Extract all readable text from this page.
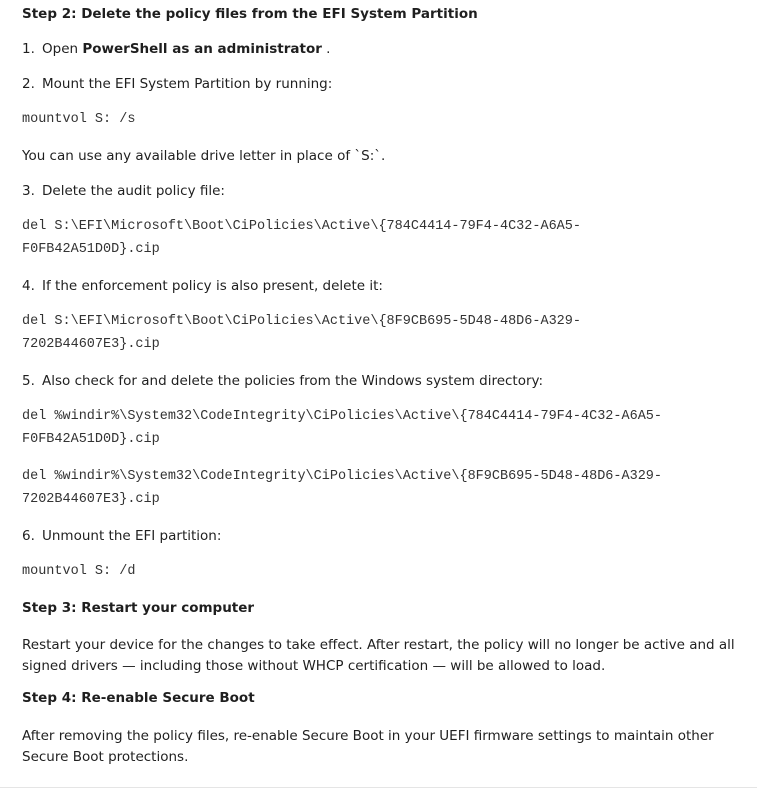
Step 2: Delete the policy files from the EFI System Partition
1. Open PowerShell as an administrator .
2. Mount the EFI System Partition by running:
mountvol S: /s
You can use any available drive letter in place of `S:`.
3. Delete the audit policy file:
del S:\EFI\Microsoft\Boot\CiPolicies\Active\{784C4414-79F4-4C32-A6A5-
F0FB42A51D0D}.cip
4. If the enforcement policy is also present, delete it:
del S:\EFI\Microsoft\Boot\CiPolicies\Active\{8F9CB695-5D48-48D6-A329-
7202B44607E3}.cip
5. Also check for and delete the policies from the Windows system directory:
del %windir%\System32\CodeIntegrity\CiPolicies\Active\{784C4414-79F4-4C32-A6A5-
F0FB42A51D0D}.cip
del %windir%\System32\CodeIntegrity\CiPolicies\Active\{8F9CB695-5D48-48D6-A329-
7202B44607E3}.cip
6. Unmount the EFI partition:
mountvol S: /d
Step 3: Restart your computer
Restart your device for the changes to take effect. After restart, the policy will no longer be active and all
signed drivers — including those without WHCP certification — will be allowed to load.
Step 4: Re-enable Secure Boot
After removing the policy files, re-enable Secure Boot in your UEFI firmware settings to maintain other
Secure Boot protections.
